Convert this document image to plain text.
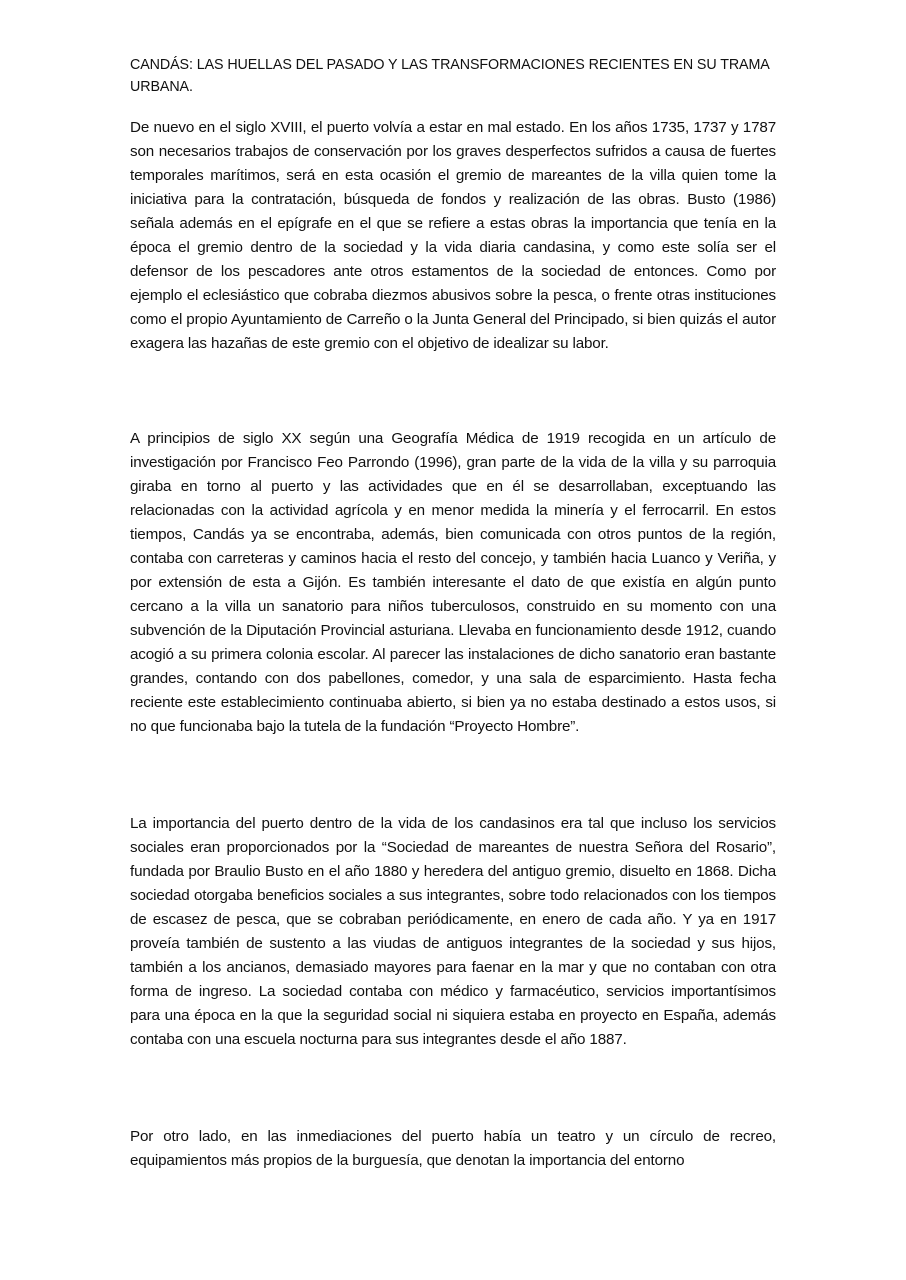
CANDÁS: LAS HUELLAS DEL PASADO Y LAS TRANSFORMACIONES RECIENTES EN SU TRAMA URBANA.

De nuevo en el siglo XVIII, el puerto volvía a estar en mal estado. En los años 1735, 1737 y 1787 son necesarios trabajos de conservación por los graves desperfectos sufridos a causa de fuertes temporales marítimos, será en esta ocasión el gremio de mareantes de la villa quien tome la iniciativa para la contratación, búsqueda de fondos y realización de las obras. Busto (1986) señala además en el epígrafe en el que se refiere a estas obras la importancia que tenía en la época el gremio dentro de la sociedad y la vida diaria candasina, y como este solía ser el defensor de los pescadores ante otros estamentos de la sociedad de entonces. Como por ejemplo el eclesiástico que cobraba diezmos abusivos sobre la pesca, o frente otras instituciones como el propio Ayuntamiento de Carreño o la Junta General del Principado, si bien quizás el autor exagera las hazañas de este gremio con el objetivo de idealizar su labor.

A principios de siglo XX según una Geografía Médica de 1919 recogida en un artículo de investigación por Francisco Feo Parrondo (1996), gran parte de la vida de la villa y su parroquia giraba en torno al puerto y las actividades que en él se desarrollaban, exceptuando las relacionadas con la actividad agrícola y en menor medida la minería y el ferrocarril. En estos tiempos, Candás ya se encontraba, además, bien comunicada con otros puntos de la región, contaba con carreteras y caminos hacia el resto del concejo, y también hacia Luanco y Veriña, y por extensión de esta a Gijón. Es también interesante el dato de que existía en algún punto cercano a la villa un sanatorio para niños tuberculosos, construido en su momento con una subvención de la Diputación Provincial asturiana. Llevaba en funcionamiento desde 1912, cuando acogió a su primera colonia escolar. Al parecer las instalaciones de dicho sanatorio eran bastante grandes, contando con dos pabellones, comedor, y una sala de esparcimiento. Hasta fecha reciente este establecimiento continuaba abierto, si bien ya no estaba destinado a estos usos, si no que funcionaba bajo la tutela de la fundación “Proyecto Hombre”.

La importancia del puerto dentro de la vida de los candasinos era tal que incluso los servicios sociales eran proporcionados por la “Sociedad de mareantes de nuestra Señora del Rosario”, fundada por Braulio Busto en el año 1880 y heredera del antiguo gremio, disuelto en 1868. Dicha sociedad otorgaba beneficios sociales a sus integrantes, sobre todo relacionados con los tiempos de escasez de pesca, que se cobraban periódicamente, en enero de cada año. Y ya en 1917 proveía también de sustento a las viudas de antiguos integrantes de la sociedad y sus hijos, también a los ancianos, demasiado mayores para faenar en la mar y que no contaban con otra forma de ingreso. La sociedad contaba con médico y farmacéutico, servicios importantísimos para una época en la que la seguridad social ni siquiera estaba en proyecto en España, además contaba con una escuela nocturna para sus integrantes desde el año 1887.

Por otro lado, en las inmediaciones del puerto había un teatro y un círculo de recreo, equipamientos más propios de la burguesía, que denotan la importancia del entorno
